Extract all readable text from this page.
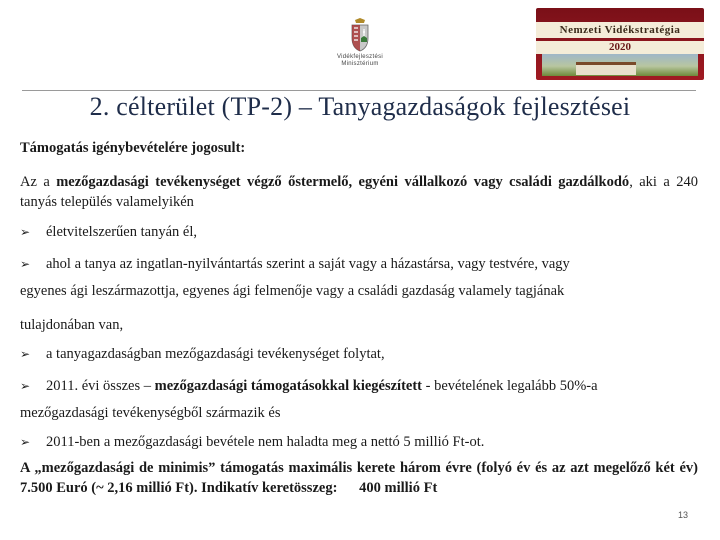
Vidékfejlesztési
Minisztérium
Nemzeti Vidékstratégia
2020
2. célterület (TP-2) – Tanyagazdaságok fejlesztései

Támogatás igénybevételére jogosult:

Az a mezőgazdasági tevékenységet végző őstermelő, egyéni vállalkozó vagy családi gazdálkodó, aki a 240 tanyás település valamelyikén

➢	életvitelszerűen tanyán él,
➢	ahol a tanya az ingatlan-nyilvántartás szerint a saját vagy a házastársa, vagy testvére, vagy
egyenes ági leszármazottja, egyenes ági felmenője vagy a családi gazdaság valamely tagjának
tulajdonában van,
➢	a tanyagazdaságban mezőgazdasági tevékenységet folytat,
➢	2011. évi összes – mezőgazdasági támogatásokkal kiegészített - bevételének legalább 50%-a
mezőgazdasági tevékenységből származik és
➢	2011-ben a mezőgazdasági bevétele nem haladta meg a nettó 5 millió Ft-ot.

A „mezőgazdasági de minimis” támogatás maximális kerete három évre (folyó év és az azt megelőző két év) 7.500 Euró (~ 2,16 millió Ft). Indikatív keretösszeg:      400 millió Ft

13
